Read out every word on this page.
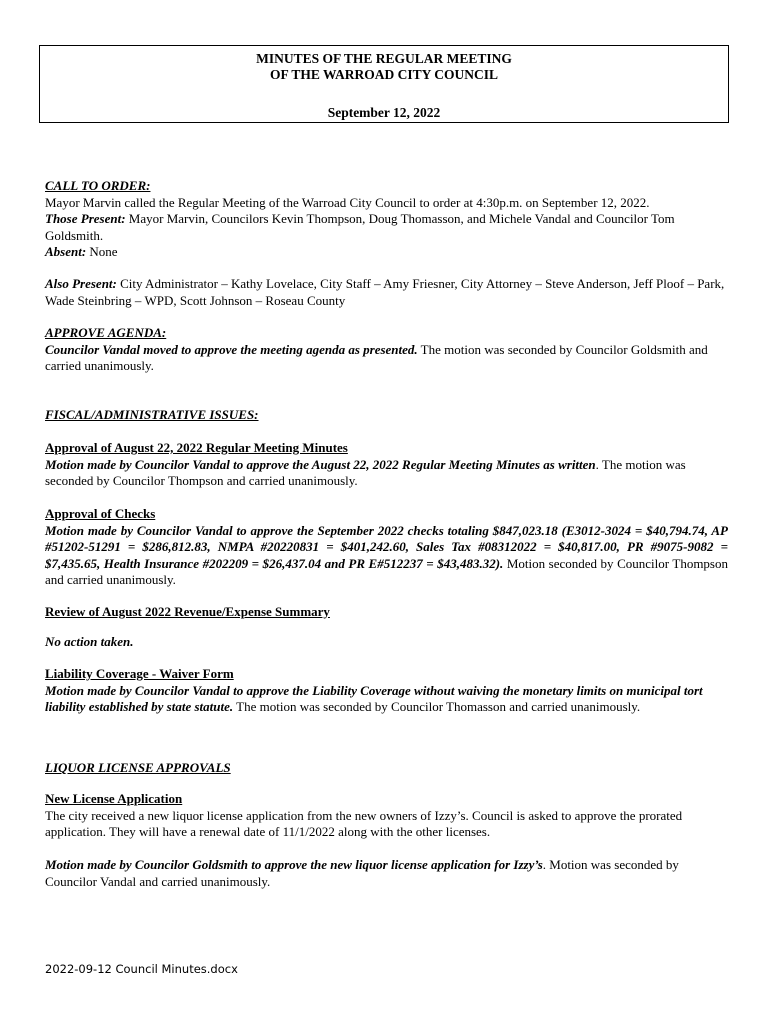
MINUTES OF THE REGULAR MEETING
OF THE WARROAD CITY COUNCIL
September 12, 2022

CALL TO ORDER:

Mayor Marvin called the Regular Meeting of the Warroad City Council to order at 4:30p.m. on September 12, 2022.

Those Present: Mayor Marvin, Councilors Kevin Thompson, Doug Thomasson, and Michele Vandal and Councilor Tom Goldsmith.

Absent: None

Also Present: City Administrator – Kathy Lovelace, City Staff – Amy Friesner, City Attorney – Steve Anderson, Jeff Ploof – Park, Wade Steinbring – WPD, Scott Johnson – Roseau County

APPROVE AGENDA:

Councilor Vandal moved to approve the meeting agenda as presented. The motion was seconded by Councilor Goldsmith and carried unanimously.

FISCAL/ADMINISTRATIVE ISSUES:

Approval of August 22, 2022 Regular Meeting Minutes

Motion made by Councilor Vandal to approve the August 22, 2022 Regular Meeting Minutes as written. The motion was seconded by Councilor Thompson and carried unanimously.

Approval of Checks

Motion made by Councilor Vandal to approve the September 2022 checks totaling $847,023.18 (E3012-3024 = $40,794.74, AP #51202-51291 = $286,812.83, NMPA #20220831 = $401,242.60, Sales Tax #08312022 = $40,817.00, PR #9075-9082 = $7,435.65, Health Insurance #202209 = $26,437.04 and PR E#512237 = $43,483.32). Motion seconded by Councilor Thompson and carried unanimously.

Review of August 2022 Revenue/Expense Summary

No action taken.

Liability Coverage - Waiver Form

Motion made by Councilor Vandal to approve the Liability Coverage without waiving the monetary limits on municipal tort liability established by state statute. The motion was seconded by Councilor Thomasson and carried unanimously.

LIQUOR LICENSE APPROVALS

New License Application

The city received a new liquor license application from the new owners of Izzy’s. Council is asked to approve the prorated application. They will have a renewal date of 11/1/2022 along with the other licenses.

Motion made by Councilor Goldsmith to approve the new liquor license application for Izzy’s. Motion was seconded by Councilor Vandal and carried unanimously.

2022-09-12 Council Minutes.docx
